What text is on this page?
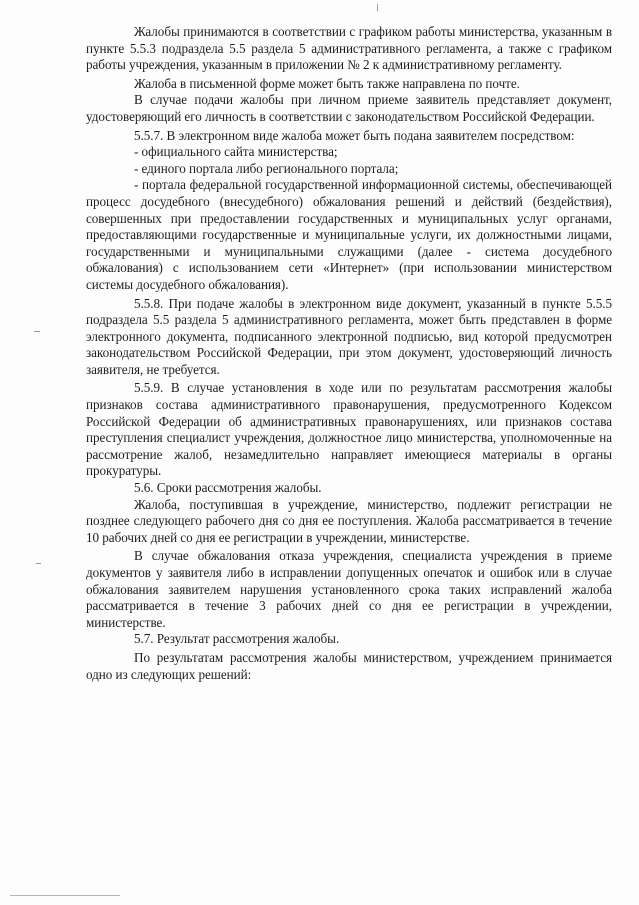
Жалобы принимаются в соответствии с графиком работы министерства, указанным в пункте 5.5.3 подраздела 5.5 раздела 5 административного регламента, а также с графиком работы учреждения, указанным в приложении № 2 к административному регламенту.

Жалоба в письменной форме может быть также направлена по почте.

В случае подачи жалобы при личном приеме заявитель представляет документ, удостоверяющий его личность в соответствии с законодательством Российской Федерации.

5.5.7. В электронном виде жалоба может быть подана заявителем посредством:

- официального сайта министерства;

- единого портала либо регионального портала;

- портала федеральной государственной информационной системы, обеспечивающей процесс досудебного (внесудебного) обжалования решений и действий (бездействия), совершенных при предоставлении государственных и муниципальных услуг органами, предоставляющими государственные и муниципальные услуги, их должностными лицами, государственными и муниципальными служащими (далее - система досудебного обжалования) с использованием сети «Интернет» (при использовании министерством системы досудебного обжалования).

5.5.8. При подаче жалобы в электронном виде документ, указанный в пункте 5.5.5 подраздела 5.5 раздела 5 административного регламента, может быть представлен в форме электронного документа, подписанного электронной подписью, вид которой предусмотрен законодательством Российской Федерации, при этом документ, удостоверяющий личность заявителя, не требуется.

5.5.9. В случае установления в ходе или по результатам рассмотрения жалобы признаков состава административного правонарушения, предусмотренного Кодексом Российской Федерации об административных правонарушениях, или признаков состава преступления специалист учреждения, должностное лицо министерства, уполномоченные на рассмотрение жалоб, незамедлительно направляет имеющиеся материалы в органы прокуратуры.

5.6. Сроки рассмотрения жалобы.

Жалоба, поступившая в учреждение, министерство, подлежит регистрации не позднее следующего рабочего дня со дня ее поступления. Жалоба рассматривается в течение 10 рабочих дней со дня ее регистрации в учреждении, министерстве.

В случае обжалования отказа учреждения, специалиста учреждения в приеме документов у заявителя либо в исправлении допущенных опечаток и ошибок или в случае обжалования заявителем нарушения установленного срока таких исправлений жалоба рассматривается в течение 3 рабочих дней со дня ее регистрации в учреждении, министерстве.

5.7. Результат рассмотрения жалобы.

По результатам рассмотрения жалобы министерством, учреждением принимается одно из следующих решений:
